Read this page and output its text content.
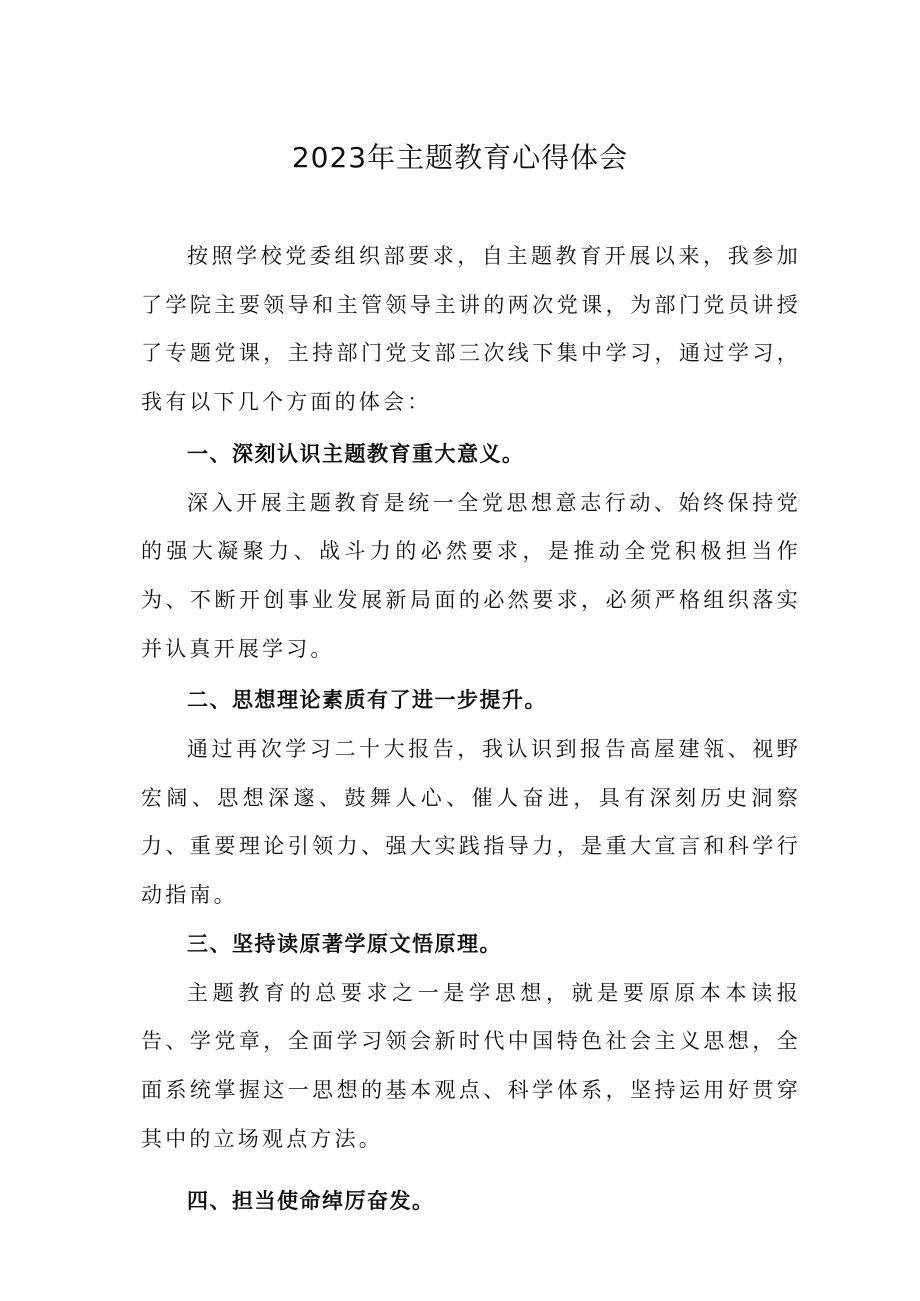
2023年主题教育心得体会

按照学校党委组织部要求，自主题教育开展以来，我参加了学院主要领导和主管领导主讲的两次党课，为部门党员讲授了专题党课，主持部门党支部三次线下集中学习，通过学习，我有以下几个方面的体会：

一、深刻认识主题教育重大意义。

深入开展主题教育是统一全党思想意志行动、始终保持党的强大凝聚力、战斗力的必然要求，是推动全党积极担当作为、不断开创事业发展新局面的必然要求，必须严格组织落实并认真开展学习。

二、思想理论素质有了进一步提升。

通过再次学习二十大报告，我认识到报告高屋建瓴、视野宏阔、思想深邃、鼓舞人心、催人奋进，具有深刻历史洞察力、重要理论引领力、强大实践指导力，是重大宣言和科学行动指南。

三、坚持读原著学原文悟原理。

主题教育的总要求之一是学思想，就是要原原本本读报告、学党章，全面学习领会新时代中国特色社会主义思想，全面系统掌握这一思想的基本观点、科学体系，坚持运用好贯穿其中的立场观点方法。

四、担当使命绰厉奋发。
